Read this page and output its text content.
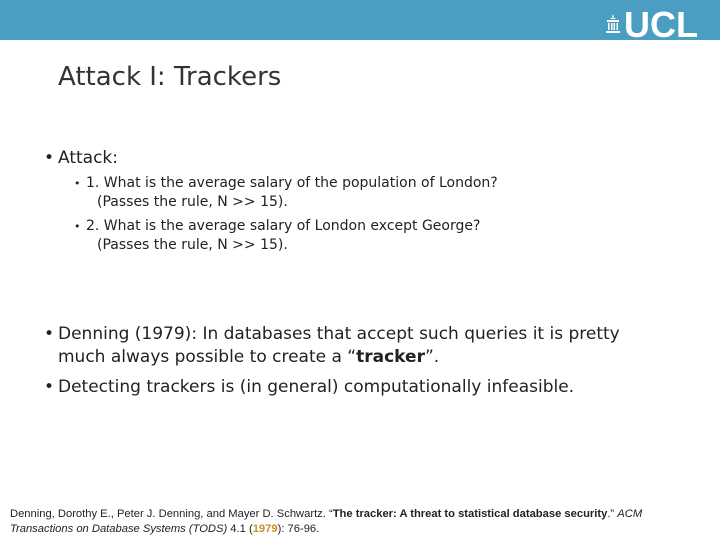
UCL
Attack I: Trackers
• Attack:
• 1. What is the average salary of the population of London?
(Passes the rule, N >> 15).
• 2. What is the average salary of London except George?
(Passes the rule, N >> 15).
• Denning (1979): In databases that accept such queries it is pretty
much always possible to create a “tracker”.
• Detecting trackers is (in general) computationally infeasible.
Denning, Dorothy E., Peter J. Denning, and Mayer D. Schwartz. “The tracker: A threat to statistical database security.” ACM
Transactions on Database Systems (TODS) 4.1 (1979): 76-96.
